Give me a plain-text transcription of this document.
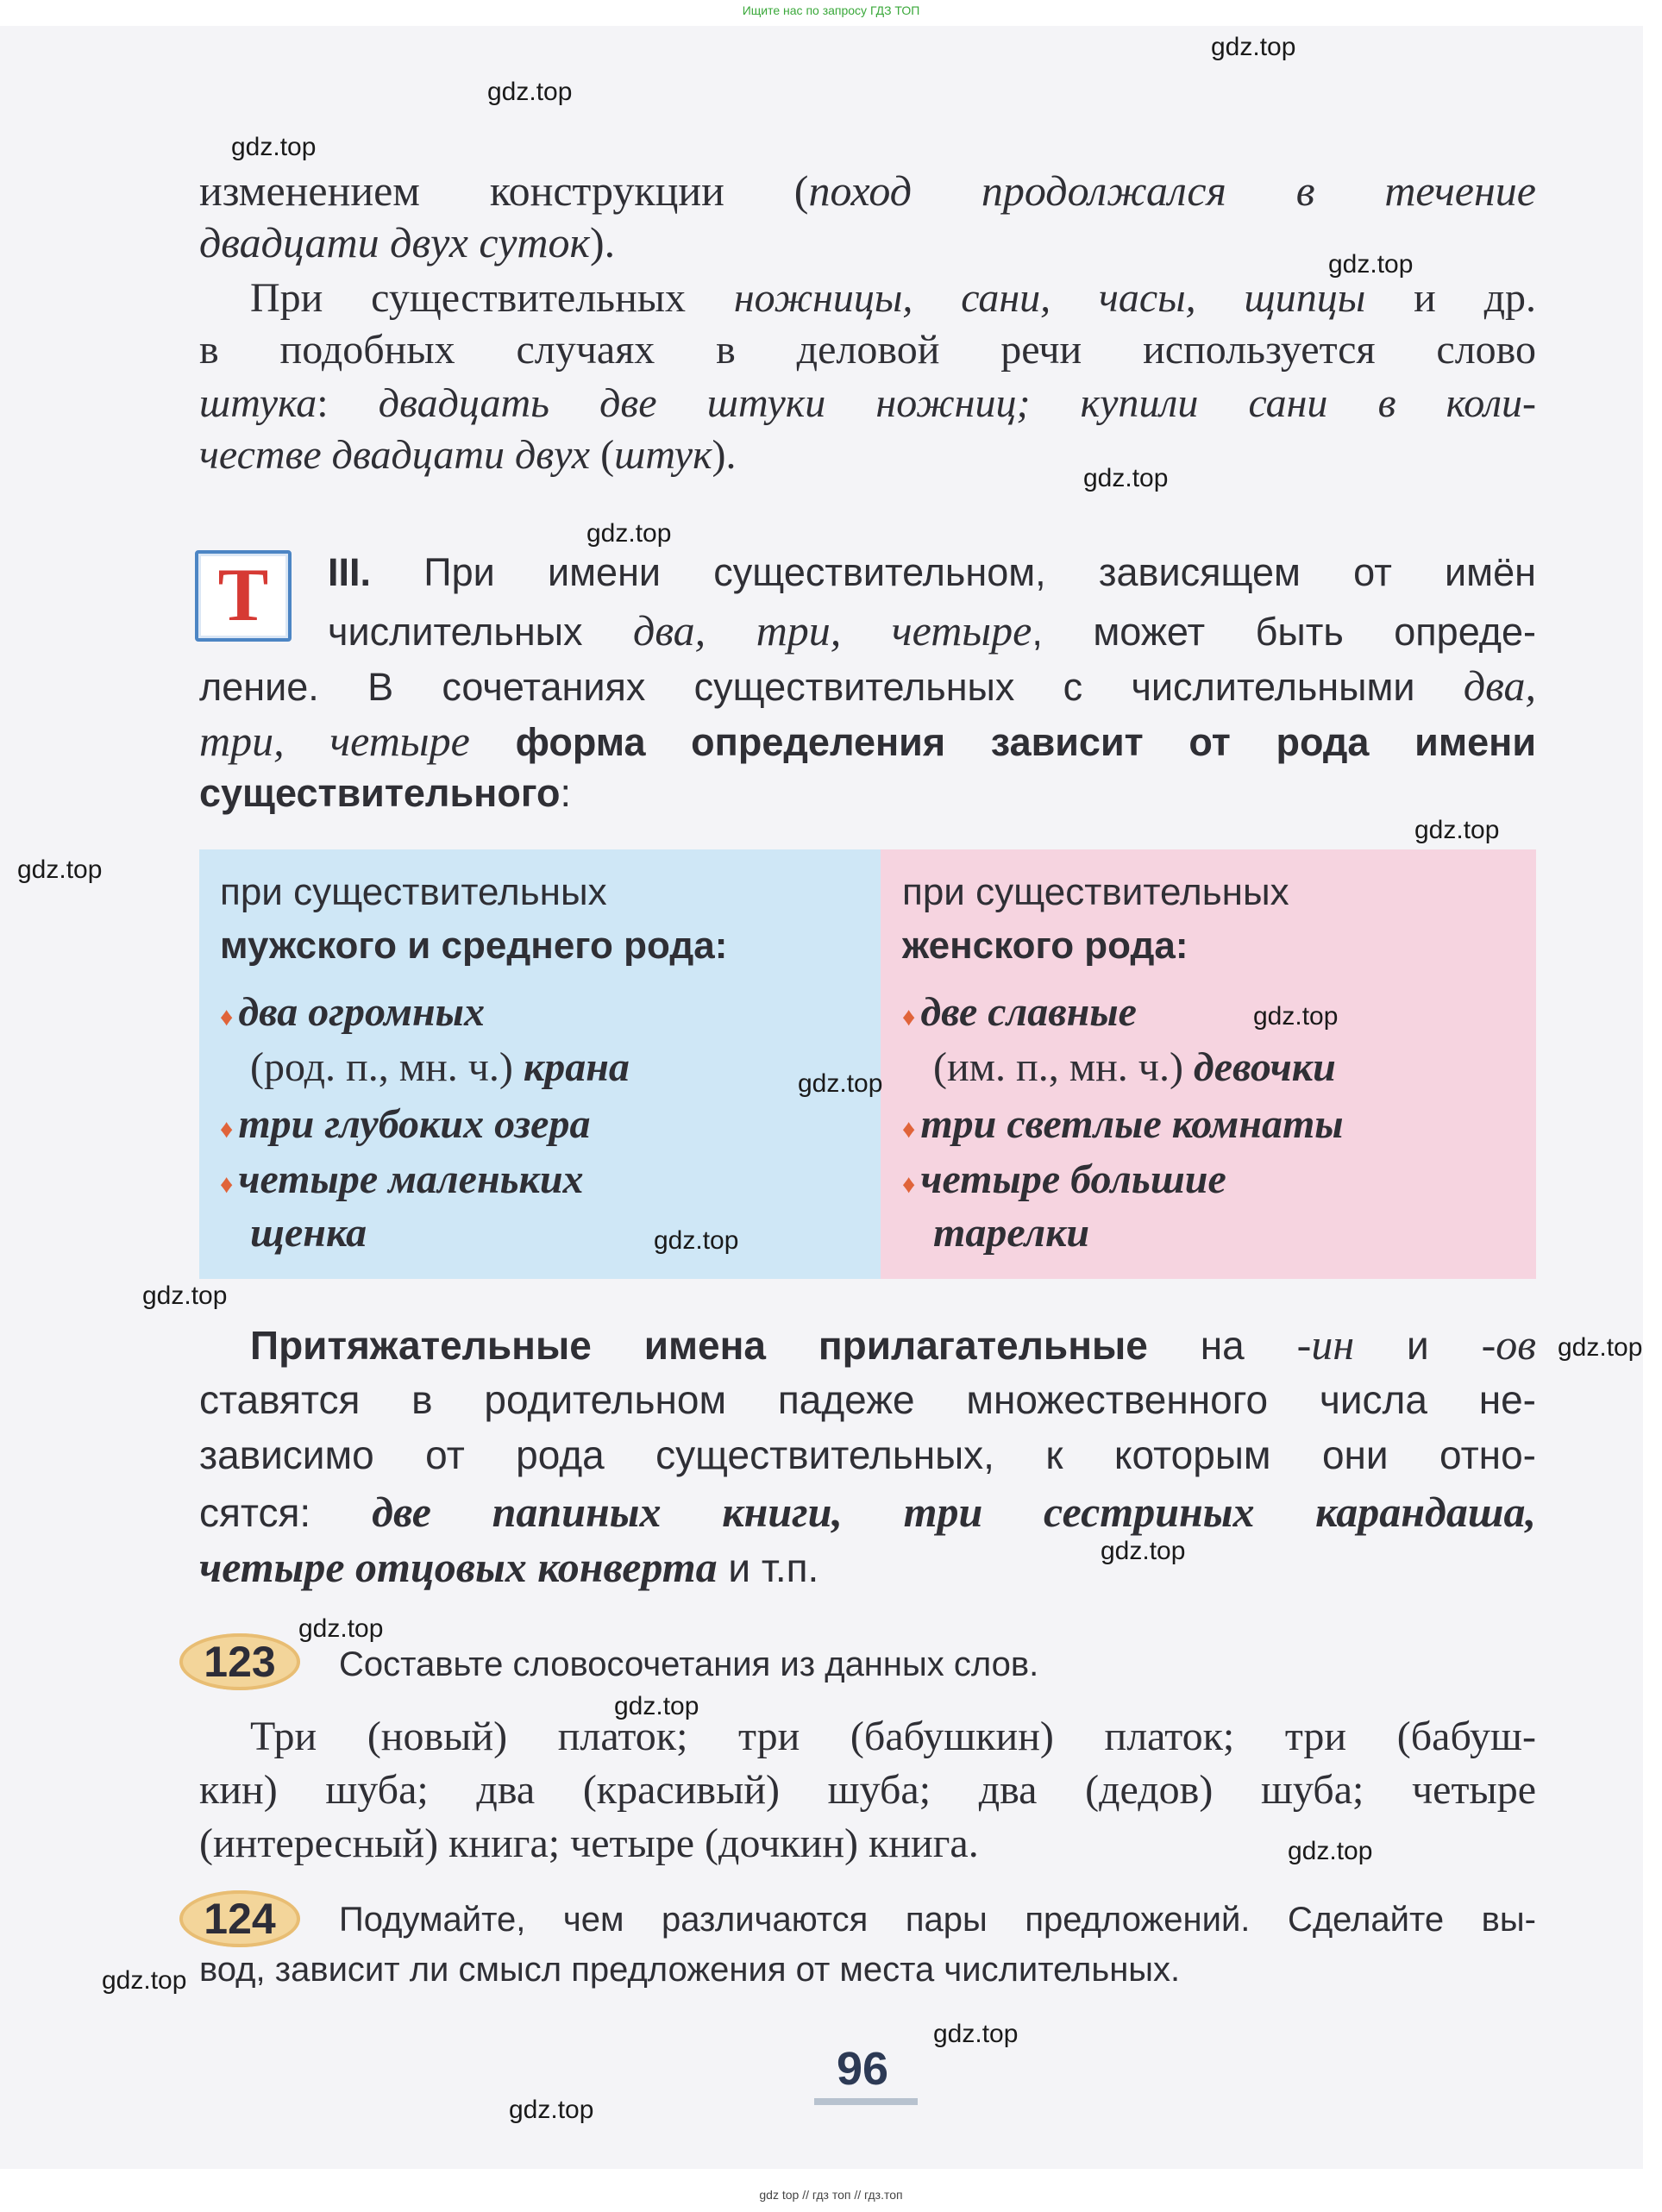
Ищите нас по запросу ГДЗ ТОП
изменением конструкции (поход продолжался в течение
двадцати двух суток).
При существительных ножницы, сани, часы, щипцы и др.
в подобных случаях в деловой речи используется слово
штука: двадцать две штуки ножниц; купили сани в коли-
честве двадцати двух (штук).
Т III. При имени существительном, зависящем от имён
числительных два, три, четыре, может быть опреде-
ление. В сочетаниях существительных с числительными два,
три, четыре форма определения зависит от рода имени
существительного:
при существительных
мужского и среднего рода:
♦ два огромных
(род. п., мн. ч.) крана
♦ три глубоких озера
♦ четыре маленьких
щенка
при существительных
женского рода:
♦ две славные
(им. п., мн. ч.) девочки
♦ три светлые комнаты
♦ четыре большие
тарелки
Притяжательные имена прилагательные на -ин и -ов
ставятся в родительном падеже множественного числа не-
зависимо от рода существительных, к которым они отно-
сятся: две папиных книги, три сестриных карандаша,
четыре отцовых конверта и т.п.
123	Составьте словосочетания из данных слов.
Три (новый) платок; три (бабушкин) платок; три (бабуш-
кин) шуба; два (красивый) шуба; два (дедов) шуба; четыре
(интересный) книга; четыре (дочкин) книга.
124	Подумайте, чем различаются пары предложений. Сделайте вы-
вод, зависит ли смысл предложения от места числительных.
96
gdz.top
gdz.top
gdz.top
gdz.top
gdz.top
gdz.top
gdz.top
gdz.top
gdz.top
gdz.top
gdz.top
gdz.top
gdz.top
gdz.top
gdz.top
gdz.top
gdz.top
gdz.top
gdz.top
gdz.top
gdz top // гдз топ // гдз.топ
